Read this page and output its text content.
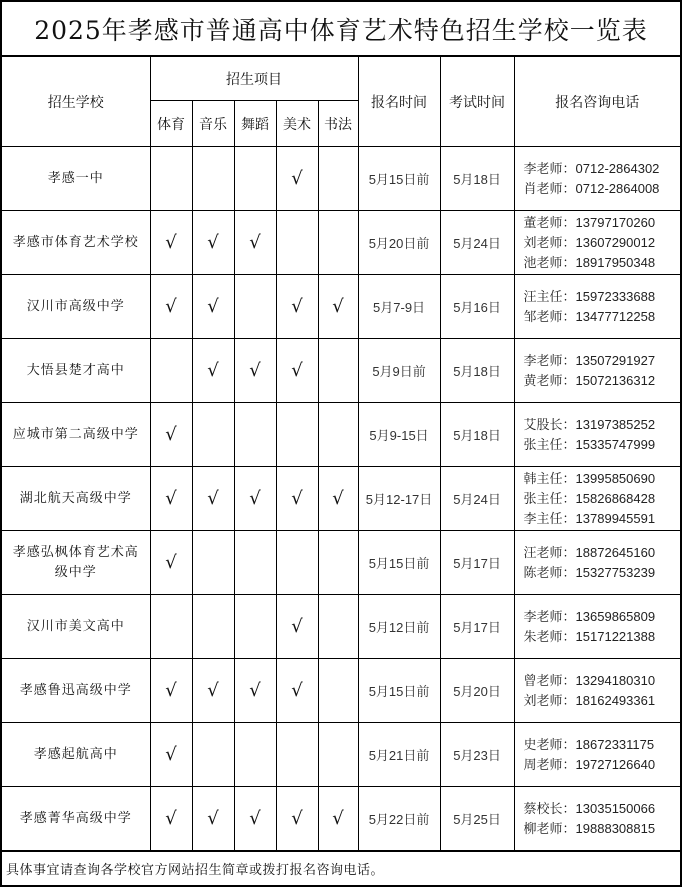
2025年孝感市普通高中体育艺术特色招生学校一览表
招生学校	招生项目					报名时间	考试时间	报名咨询电话
	体育	音乐	舞蹈	美术	书法			
孝感一中				√		5月15日前	5月18日	李老师：0712-2864302
肖老师：0712-2864008

孝感市体育艺术学校	√	√	√			5月20日前	5月24日	董老师：13797170260
刘老师：13607290012
池老师：18917950348

汉川市高级中学	√	√		√	√	5月7-9日	5月16日	汪主任：15972333688
邹老师：13477712258

大悟县楚才高中		√	√	√		5月9日前	5月18日	李老师：13507291927
黄老师：15072136312

应城市第二高级中学	√					5月9-15日	5月18日	艾股长：13197385252
张主任：15335747999

湖北航天高级中学	√	√	√	√	√	5月12-17日	5月24日	韩主任：13995850690
张主任：15826868428
李主任：13789945591

孝感弘枫体育艺术高级中学	√					5月15日前	5月17日	汪老师：18872645160
陈老师：15327753239

汉川市美文高中				√		5月12日前	5月17日	李老师：13659865809
朱老师：15171221388

孝感鲁迅高级中学	√	√	√	√		5月15日前	5月20日	曾老师：13294180310
刘老师：18162493361

孝感起航高中	√					5月21日前	5月23日	史老师：18672331175
周老师：19727126640

孝感菁华高级中学	√	√	√	√	√	5月22日前	5月25日	蔡校长：13035150066
柳老师：19888308815
具体事宜请查询各学校官方网站招生简章或拨打报名咨询电话。
